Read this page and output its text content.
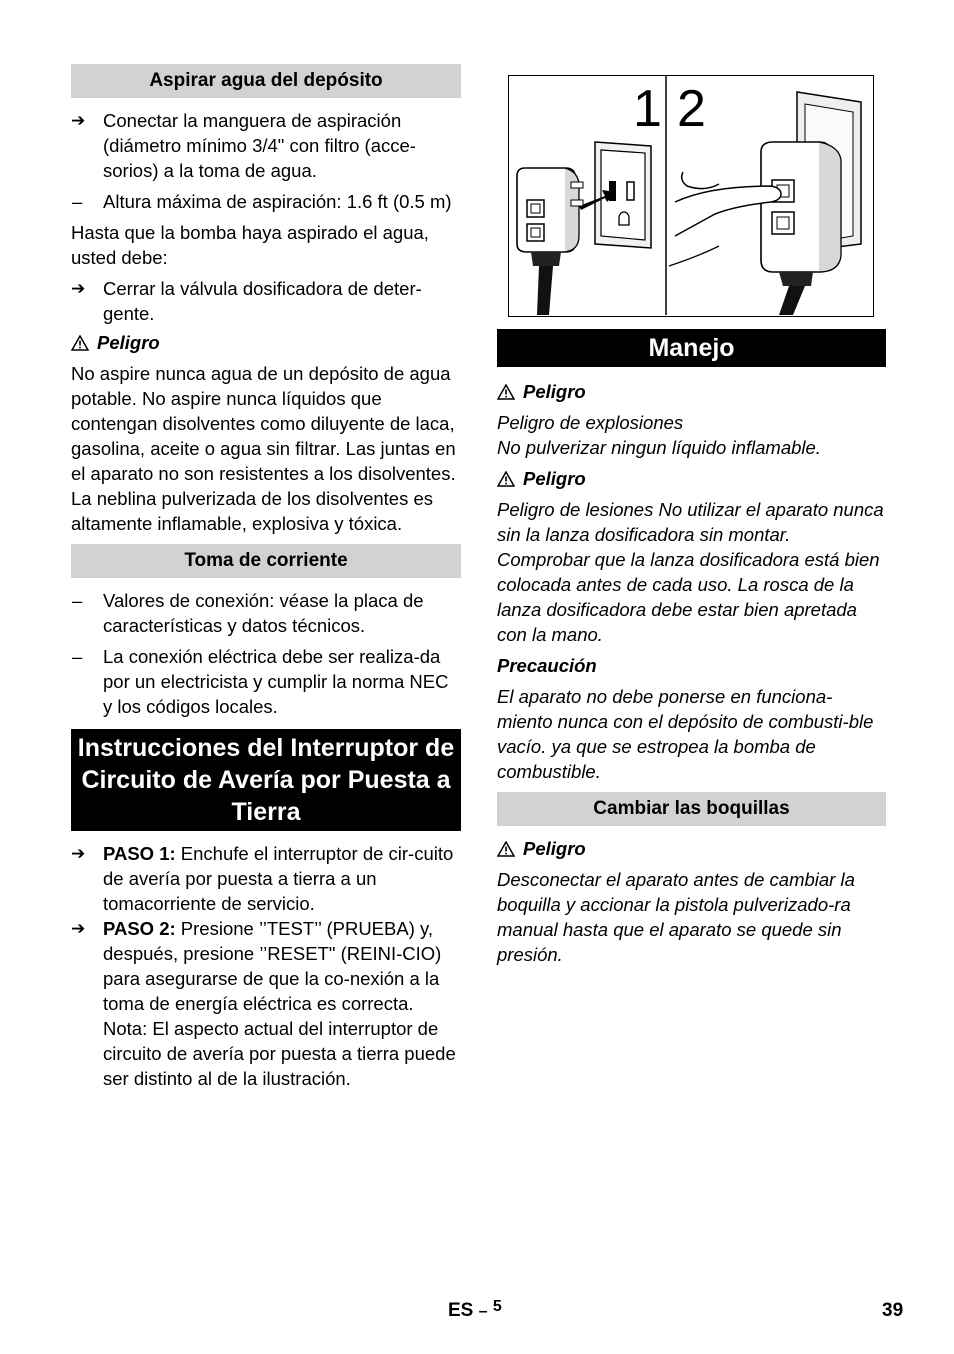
Aspirar agua del depósito
➔ Conectar la manguera de aspiración (diámetro mínimo 3/4" con filtro (acce-sorios) a la toma de agua.
–	Altura máxima de aspiración: 1.6 ft (0.5 m)

Hasta que la bomba haya aspirado el agua, usted debe:

➔ Cerrar la válvula dosificadora de deter-gente.
Peligro

No aspire nunca agua de un depósito de agua potable. No aspire nunca líquidos que contengan disolventes como diluyente de laca, gasolina, aceite o agua sin filtrar. Las juntas en el aparato no son resistentes a los disolventes. La neblina pulverizada de los disolventes es altamente inflamable, explosiva y tóxica.

Toma de corriente
–	Valores de conexión: véase la placa de características y datos técnicos.
–	La conexión eléctrica debe ser realiza-da por un electricista y cumplir la norma NEC y los códigos locales.
Instrucciones del Interruptor de Circuito de Avería por Puesta a Tierra
➔ PASO 1: Enchufe el interruptor de cir-cuito de avería por puesta a tierra a un tomacorriente de servicio.
➔ PASO 2: Presione ’’TEST’’ (PRUEBA) y, después, presione ’’RESET" (REINI-CIO) para asegurarse de que la co-nexión a la toma de energía eléctrica es correcta.

Nota: El aspecto actual del interruptor de circuito de avería por puesta a tierra puede ser distinto al de la ilustración.

1 2
Manejo
Peligro

Peligro de explosiones

No pulverizar ningun líquido inflamable.

Peligro

Peligro de lesiones No utilizar el aparato nunca sin la lanza dosificadora sin montar. Comprobar que la lanza dosificadora está bien colocada antes de cada uso. La rosca de la lanza dosificadora debe estar bien apretada con la mano.

Precaución

El aparato no debe ponerse en funciona-miento nunca con el depósito de combusti-ble vacío. ya que se estropea la bomba de combustible.

Cambiar las boquillas
Peligro

Desconectar el aparato antes de cambiar la boquilla y accionar la pistola pulverizado-ra manual hasta que el aparato se quede sin presión.

ES – $^5$	39
